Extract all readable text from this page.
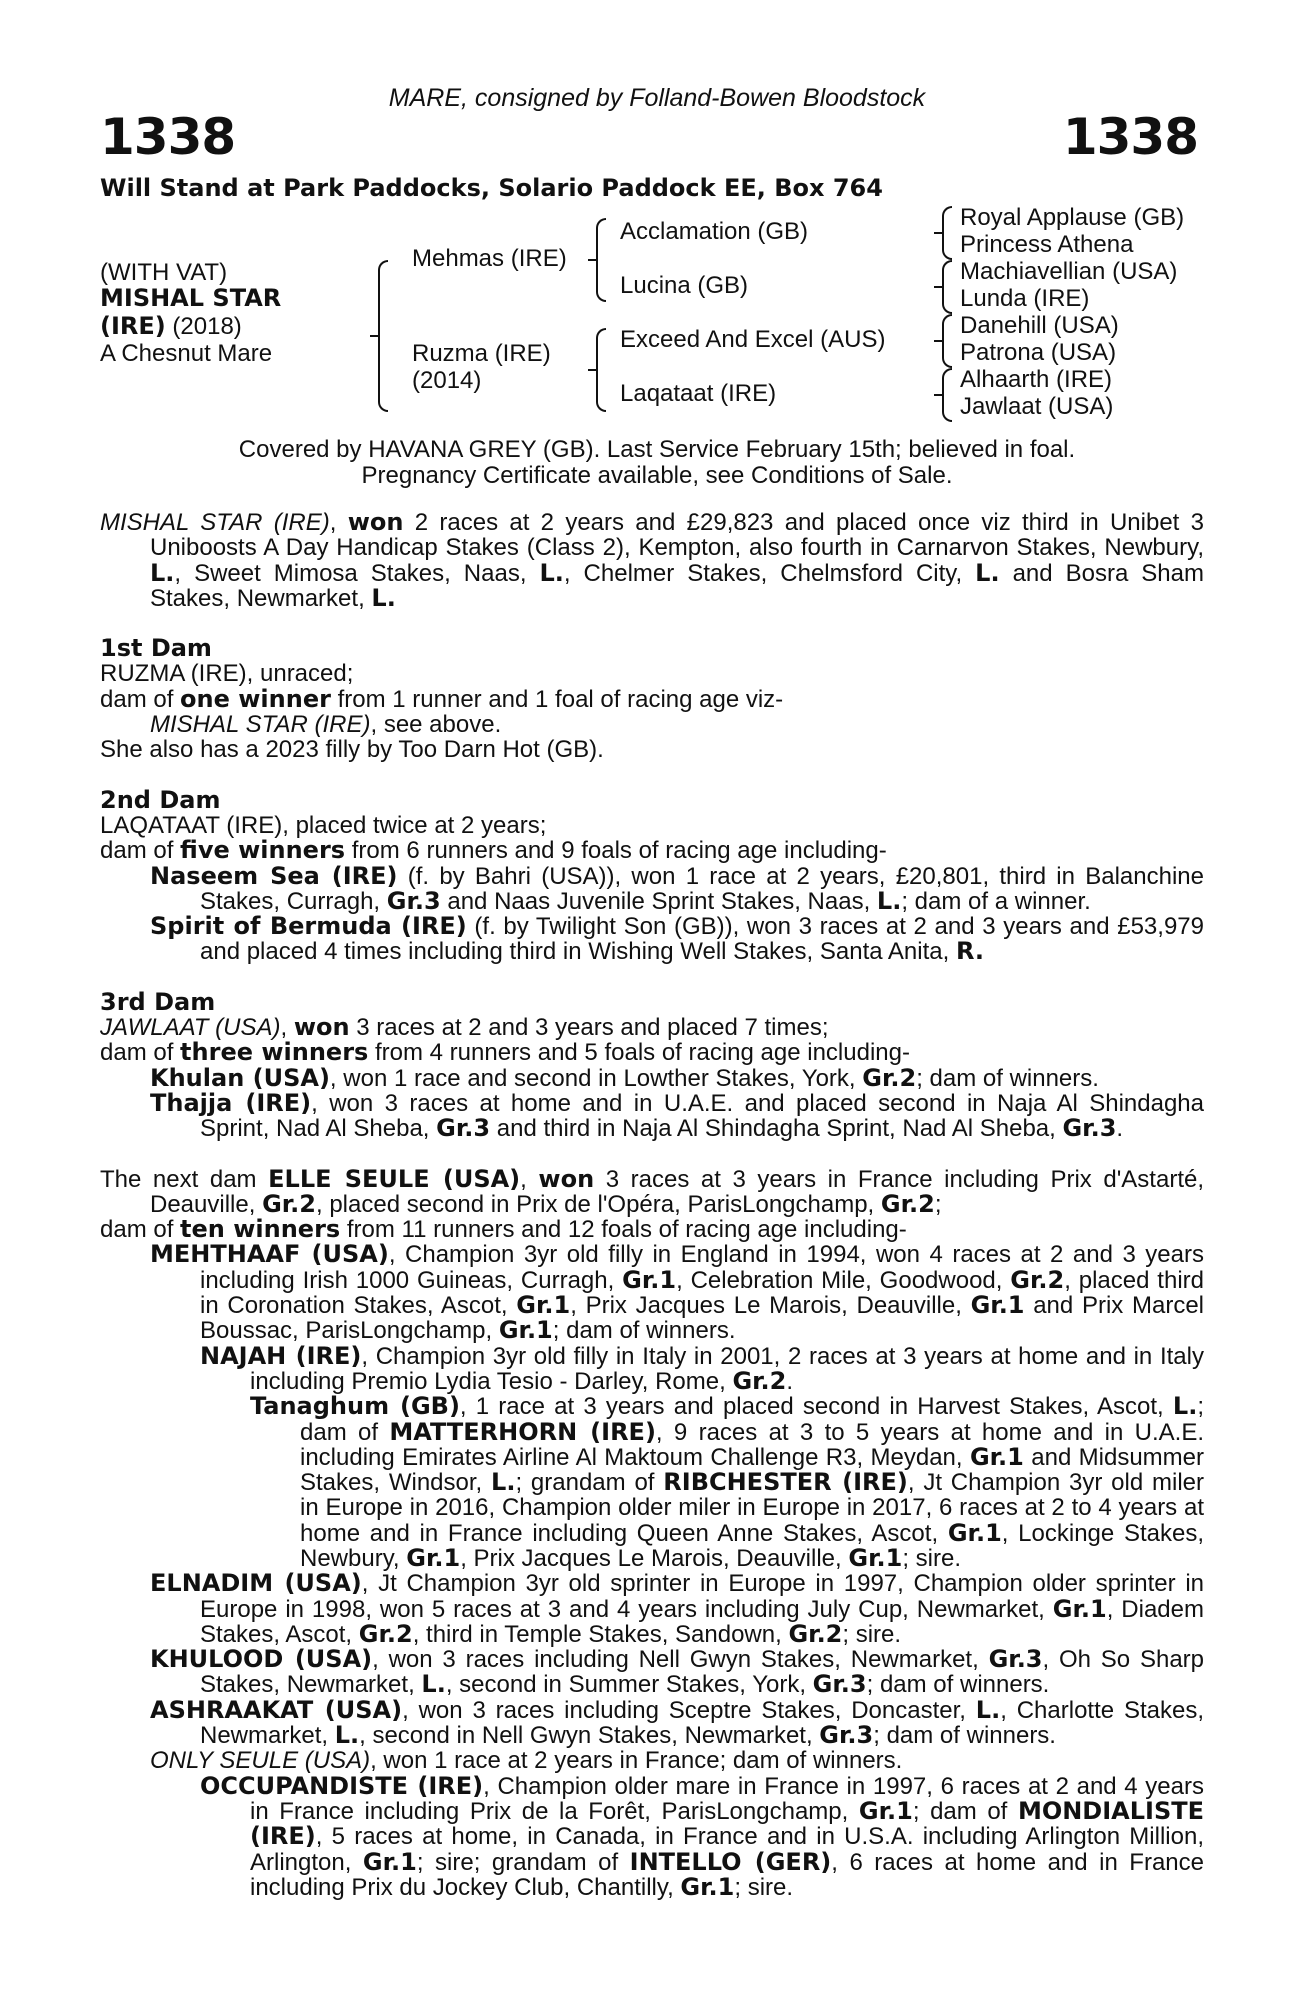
MARE, consigned by Folland-Bowen Bloodstock
1338	1338
Will Stand at Park Paddocks, Solario Paddock EE, Box 764
(WITH VAT)
MISHAL STAR
(IRE) (2018)
A Chesnut Mare
Mehmas (IRE)
Ruzma (IRE)
(2014)
Acclamation (GB)
Lucina (GB)
Exceed And Excel (AUS)
Laqataat (IRE)
Royal Applause (GB)
Princess Athena
Machiavellian (USA)
Lunda (IRE)
Danehill (USA)
Patrona (USA)
Alhaarth (IRE)
Jawlaat (USA)
Covered by HAVANA GREY (GB). Last Service February 15th; believed in foal.
Pregnancy Certificate available, see Conditions of Sale.

MISHAL STAR (IRE), won 2 races at 2 years and £29,823 and placed once viz third in Unibet 3 Uniboosts A Day Handicap Stakes (Class 2), Kempton, also fourth in Carnarvon Stakes, Newbury, L., Sweet Mimosa Stakes, Naas, L., Chelmer Stakes, Chelmsford City, L. and Bosra Sham Stakes, Newmarket, L.

1st Dam

RUZMA (IRE), unraced;

dam of one winner from 1 runner and 1 foal of racing age viz-

MISHAL STAR (IRE), see above.

She also has a 2023 filly by Too Darn Hot (GB).

2nd Dam

LAQATAAT (IRE), placed twice at 2 years;

dam of five winners from 6 runners and 9 foals of racing age including-

Naseem Sea (IRE) (f. by Bahri (USA)), won 1 race at 2 years, £20,801, third in Balanchine Stakes, Curragh, Gr.3 and Naas Juvenile Sprint Stakes, Naas, L.; dam of a winner.

Spirit of Bermuda (IRE) (f. by Twilight Son (GB)), won 3 races at 2 and 3 years and £53,979 and placed 4 times including third in Wishing Well Stakes, Santa Anita, R.

3rd Dam

JAWLAAT (USA), won 3 races at 2 and 3 years and placed 7 times;

dam of three winners from 4 runners and 5 foals of racing age including-

Khulan (USA), won 1 race and second in Lowther Stakes, York, Gr.2; dam of winners.

Thajja (IRE), won 3 races at home and in U.A.E. and placed second in Naja Al Shindagha Sprint, Nad Al Sheba, Gr.3 and third in Naja Al Shindagha Sprint, Nad Al Sheba, Gr.3.

The next dam ELLE SEULE (USA), won 3 races at 3 years in France including Prix d'Astarté, Deauville, Gr.2, placed second in Prix de l'Opéra, ParisLongchamp, Gr.2;

dam of ten winners from 11 runners and 12 foals of racing age including-

MEHTHAAF (USA), Champion 3yr old filly in England in 1994, won 4 races at 2 and 3 years including Irish 1000 Guineas, Curragh, Gr.1, Celebration Mile, Goodwood, Gr.2, placed third in Coronation Stakes, Ascot, Gr.1, Prix Jacques Le Marois, Deauville, Gr.1 and Prix Marcel Boussac, ParisLongchamp, Gr.1; dam of winners.

NAJAH (IRE), Champion 3yr old filly in Italy in 2001, 2 races at 3 years at home and in Italy including Premio Lydia Tesio - Darley, Rome, Gr.2.

Tanaghum (GB), 1 race at 3 years and placed second in Harvest Stakes, Ascot, L.; dam of MATTERHORN (IRE), 9 races at 3 to 5 years at home and in U.A.E. including Emirates Airline Al Maktoum Challenge R3, Meydan, Gr.1 and Midsummer Stakes, Windsor, L.; grandam of RIBCHESTER (IRE), Jt Champion 3yr old miler in Europe in 2016, Champion older miler in Europe in 2017, 6 races at 2 to 4 years at home and in France including Queen Anne Stakes, Ascot, Gr.1, Lockinge Stakes, Newbury, Gr.1, Prix Jacques Le Marois, Deauville, Gr.1; sire.

ELNADIM (USA), Jt Champion 3yr old sprinter in Europe in 1997, Champion older sprinter in Europe in 1998, won 5 races at 3 and 4 years including July Cup, Newmarket, Gr.1, Diadem Stakes, Ascot, Gr.2, third in Temple Stakes, Sandown, Gr.2; sire.

KHULOOD (USA), won 3 races including Nell Gwyn Stakes, Newmarket, Gr.3, Oh So Sharp Stakes, Newmarket, L., second in Summer Stakes, York, Gr.3; dam of winners.

ASHRAAKAT (USA), won 3 races including Sceptre Stakes, Doncaster, L., Charlotte Stakes, Newmarket, L., second in Nell Gwyn Stakes, Newmarket, Gr.3; dam of winners.

ONLY SEULE (USA), won 1 race at 2 years in France; dam of winners.

OCCUPANDISTE (IRE), Champion older mare in France in 1997, 6 races at 2 and 4 years in France including Prix de la Forêt, ParisLongchamp, Gr.1; dam of MONDIALISTE (IRE), 5 races at home, in Canada, in France and in U.S.A. including Arlington Million, Arlington, Gr.1; sire; grandam of INTELLO (GER), 6 races at home and in France including Prix du Jockey Club, Chantilly, Gr.1; sire.
